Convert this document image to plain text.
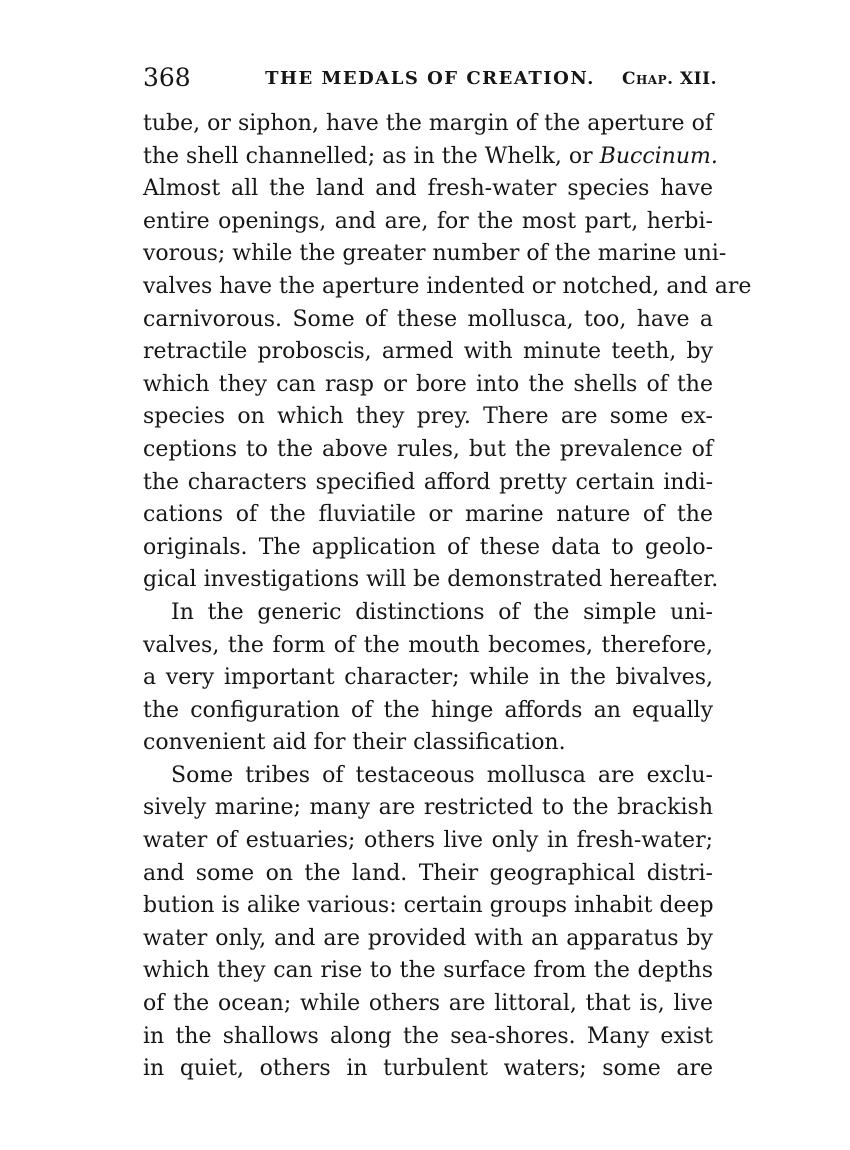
368	THE MEDALS OF CREATION.	Chap. XII.
tube, or siphon, have the margin of the aperture of
the shell channelled; as in the Whelk, or Buccinum.
Almost all the land and fresh-water species have
entire openings, and are, for the most part, herbi-
vorous; while the greater number of the marine uni-
valves have the aperture indented or notched, and are
carnivorous. Some of these mollusca, too, have a
retractile proboscis, armed with minute teeth, by
which they can rasp or bore into the shells of the
species on which they prey. There are some ex-
ceptions to the above rules, but the prevalence of
the characters specified afford pretty certain indi-
cations of the fluviatile or marine nature of the
originals. The application of these data to geolo-
gical investigations will be demonstrated hereafter.
In the generic distinctions of the simple uni-
valves, the form of the mouth becomes, therefore,
a very important character; while in the bivalves,
the configuration of the hinge affords an equally
convenient aid for their classification.
Some tribes of testaceous mollusca are exclu-
sively marine; many are restricted to the brackish
water of estuaries; others live only in fresh-water;
and some on the land. Their geographical distri-
bution is alike various: certain groups inhabit deep
water only, and are provided with an apparatus by
which they can rise to the surface from the depths
of the ocean; while others are littoral, that is, live
in the shallows along the sea-shores. Many exist
in quiet, others in turbulent waters; some are
